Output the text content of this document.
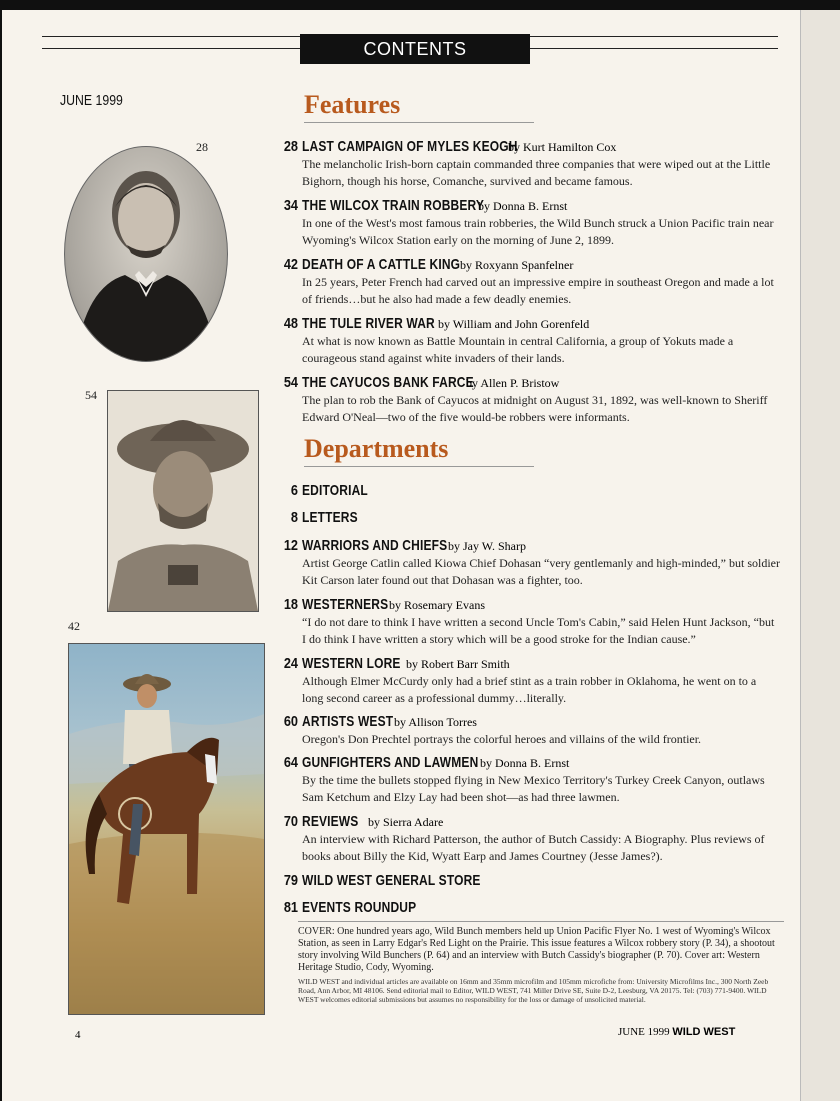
CONTENTS
JUNE 1999
28
54
42
Features
28 LAST CAMPAIGN OF MYLES KEOGH
by Kurt Hamilton Cox
The melancholic Irish-born captain commanded three companies that were wiped out at the Little Bighorn, though his horse, Comanche, survived and became famous.
34 THE WILCOX TRAIN ROBBERY
by Donna B. Ernst
In one of the West's most famous train robberies, the Wild Bunch struck a Union Pacific train near Wyoming's Wilcox Station early on the morning of June 2, 1899.
42 DEATH OF A CATTLE KING by Roxyann Spanfelner
In 25 years, Peter French had carved out an impressive empire in southeast Oregon and made a lot of friends…but he also had made a few deadly enemies.
48 THE TULE RIVER WAR by William and John Gorenfeld
At what is now known as Battle Mountain in central California, a group of Yokuts made a courageous stand against white invaders of their lands.
54 THE CAYUCOS BANK FARCE
by Allen P. Bristow
The plan to rob the Bank of Cayucos at midnight on August 31, 1892, was well-known to Sheriff Edward O'Neal—two of the five would-be robbers were informants.
Departments
6 EDITORIAL
8 LETTERS
12 WARRIORS AND CHIEFS by Jay W. Sharp
Artist George Catlin called Kiowa Chief Dohasan “very gentlemanly and high-minded,” but soldier Kit Carson later found out that Dohasan was a fighter, too.
18 WESTERNERS by Rosemary Evans
“I do not dare to think I have written a second Uncle Tom's Cabin,” said Helen Hunt Jackson, “but I do think I have written a story which will be a good stroke for the Indian cause.”
24 WESTERN LORE by Robert Barr Smith
Although Elmer McCurdy only had a brief stint as a train robber in Oklahoma, he went on to a long second career as a professional dummy…literally.
60 ARTISTS WEST by Allison Torres
Oregon's Don Prechtel portrays the colorful heroes and villains of the wild frontier.
64 GUNFIGHTERS AND LAWMEN by Donna B. Ernst
By the time the bullets stopped flying in New Mexico Territory's Turkey Creek Canyon, outlaws Sam Ketchum and Elzy Lay had been shot—as had three lawmen.
70 REVIEWS by Sierra Adare
An interview with Richard Patterson, the author of Butch Cassidy: A Biography. Plus reviews of books about Billy the Kid, Wyatt Earp and James Courtney (Jesse James?).
79 WILD WEST GENERAL STORE
81 EVENTS ROUNDUP
COVER: One hundred years ago, Wild Bunch members held up Union Pacific Flyer No. 1 west of Wyoming's Wilcox Station, as seen in Larry Edgar's Red Light on the Prairie. This issue features a Wilcox robbery story (P. 34), a shootout story involving Wild Bunchers (P. 64) and an interview with Butch Cassidy's biographer (P. 70). Cover art: Western Heritage Studio, Cody, Wyoming.
WILD WEST and individual articles are available on 16mm and 35mm microfilm and 105mm microfiche from: University Microfilms Inc., 300 North Zeeb Road, Ann Arbor, MI 48106. Send editorial mail to Editor, WILD WEST, 741 Miller Drive SE, Suite D-2, Leesburg, VA 20175. Tel: (703) 771-9400. WILD WEST welcomes editorial submissions but assumes no responsibility for the loss or damage of unsolicited material.
4	JUNE 1999 WILD WEST
